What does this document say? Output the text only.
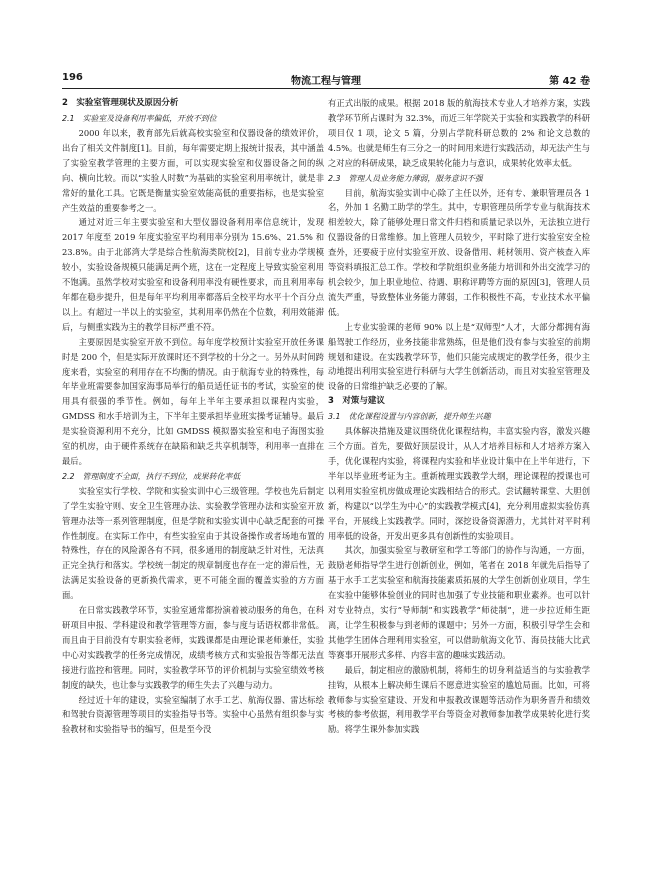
196	物流工程与管理	第 42 卷

2　实验室管理现状及原因分析

2.1　实验室及设备利用率偏低，开放不到位

2000 年以来，教育部先后就高校实验室和仪器设备的绩效评价，出台了相关文件制度[1]。目前，每年需要定期上报统计报表，其中涵盖了实验室教学管理的主要方面，可以实现实验室和仪器设备之间的纵向、横向比较。而以“实验人时数”为基础的实验室利用率统计，就是非常好的量化工具。它既是衡量实验室效能高低的重要指标，也是实验室产生效益的重要参考之一。

通过对近三年主要实验室和大型仪器设备利用率信息统计，发现 2017 年度至 2019 年度实验室平均利用率分别为 15.6%、21.5% 和 23.8%。由于北部湾大学是综合性航海类院校[2]，目前专业办学规模较小，实验设备规模只能满足两个班，这在一定程度上导致实验室利用不饱满。虽然学校对实验室和设备利用率没有硬性要求，而且利用率每年都在稳步提升，但是每年平均利用率都落后全校平均水平十个百分点以上。有超过一半以上的实验室，其利用率仍然在个位数，利用效能滞后，与侧重实践为主的教学目标严重不符。

主要原因是实验室开放不到位。每年度学校预计实验室开放任务课时是 200 个，但是实际开放课时还不到学校的十分之一。另外从时间跨度来看，实验室的利用存在不均衡的情况。由于航海专业的特殊性，每年毕业班需要参加国家海事局举行的船员适任证书的考试，实验室的使用具有很强的季节性。例如，每年上半年主要承担以课程内实验，GMDSS 和水手培训为主，下半年主要承担毕业班实操考证辅导。最后是实验资源利用不充分，比如 GMDSS 模拟器实验室和电子海图实验室的机房，由于硬件系统存在缺陷和缺乏共享机制等，利用率一直排在最后。

2.2　管理制度不全面，执行不到位，成果转化率低

实验室实行学校、学院和实验实训中心三级管理。学校也先后制定了学生实验守则、安全卫生管理办法、实验教学管理办法和实验室开放管理办法等一系列管理制度，但是学院和实验实训中心缺乏配套的可操作性制度。在实际工作中，有些实验室由于其设备操作或者场地布置的特殊性，存在的风险源各有不同，很多通用的制度缺乏针对性，无法真正完全执行和落实。学校统一制定的规章制度也存在一定的滞后性，无法满足实验设备的更新换代需求，更不可能全面的覆盖实验的方方面面。

在日常实践教学环节，实验室通常都扮演着被动服务的角色，在科研项目申报、学科建设和教学管理等方面，参与度与话语权都非常低。而且由于目前没有专职实验老师，实践课都是由理论课老师兼任，实验中心对实践教学的任务完成情况，成绩考核方式和实验报告等都无法直接进行监控和管理。同时，实验教学环节的评价机制与实验室绩效考核制度的缺失，也让参与实践教学的师生失去了兴趣与动力。

经过近十年的建设，实验室编制了水手工艺、航海仪器、雷达标绘和驾驶台资源管理等项目的实验指导书等。实验中心虽然有组织参与实验教材和实验指导书的编写，但是至今没

有正式出版的成果。根据 2018 版的航海技术专业人才培养方案，实践教学环节所占课时为 32.3%，而近三年学院关于实验和实践教学的科研项目仅 1 项，论文 5 篇，分别占学院科研总数的 2% 和论文总数的 4.5%。也就是师生有三分之一的时间用来进行实践活动，却无法产生与之对应的科研成果，缺乏成果转化能力与意识，成果转化效率太低。

2.3　管理人员业务能力薄弱，服务意识不强

目前，航海实验实训中心除了主任以外，还有专、兼职管理员各 1 名，外加 1 名勤工助学的学生。其中，专职管理员所学专业与航海技术相差较大，除了能够处理日常文件归档和质量记录以外，无法独立进行仪器设备的日常维修。加上管理人员较少，平时除了进行实验室安全检查外，还要疲于应付实验室开放、设备借用、耗材领用、资产核查入库等资料填报汇总工作。学校和学院组织业务能力培训和外出交流学习的机会较少，加上职业地位、待遇、职称评聘等方面的原因[3]，管理人员流失严重，导致整体业务能力薄弱，工作积极性不高，专业技术水平偏低。

上专业实验课的老师 90% 以上是“双师型”人才，大部分都拥有海船驾驶工作经历，业务技能非常熟练，但是他们没有参与实验室的前期规划和建设。在实践教学环节，他们只能完成规定的教学任务，很少主动地提出利用实验室进行科研与大学生创新活动，而且对实验室管理及设备的日常维护缺乏必要的了解。

3　对策与建议

3.1　优化课程设置与内容创新，提升师生兴趣

具体解决措施及建议围绕优化课程结构，丰富实验内容，激发兴趣三个方面。首先，要做好顶层设计，从人才培养目标和人才培养方案入手，优化课程内实验，将课程内实验和毕业设计集中在上半年进行，下半年以毕业班考证为主。重新梳理实践教学大纲，理论课程的授课也可以利用实验室机房做成理论实践相结合的形式。尝试翻转课堂、大胆创新，构建以“以学生为中心”的实践教学模式[4]，充分利用虚拟实验仿真平台，开展线上实践教学。同时，深挖设备资源潜力，尤其针对平时利用率低的设备，开发出更多具有创新性的实验项目。

其次，加强实验室与教研室和学工等部门的协作与沟通，一方面，鼓励老师指导学生进行创新创业，例如，笔者在 2018 年就先后指导了基于水手工艺实验室和航海技能素质拓展的大学生创新创业项目，学生在实验中能够体验创业的同时也加强了专业技能和职业素养。也可以针对专业特点，实行“导师制”和实践教学“师徒制”，进一步拉近师生距离，让学生积极参与到老师的课题中；另外一方面，积极引导学生会和其他学生团体合理利用实验室，可以借助航海文化节、海员技能大比武等赛事开展形式多样、内容丰富的趣味实践活动。

最后，制定相应的激励机制，将师生的切身利益适当的与实验教学挂钩，从根本上解决师生课后不愿意进实验室的尴尬局面。比如，可将教师参与实验室建设、开发和申报教改课题等活动作为职务晋升和绩效考核的参考依据，利用教学平台等资金对教师参加教学成果转化进行奖励。将学生课外参加实践
